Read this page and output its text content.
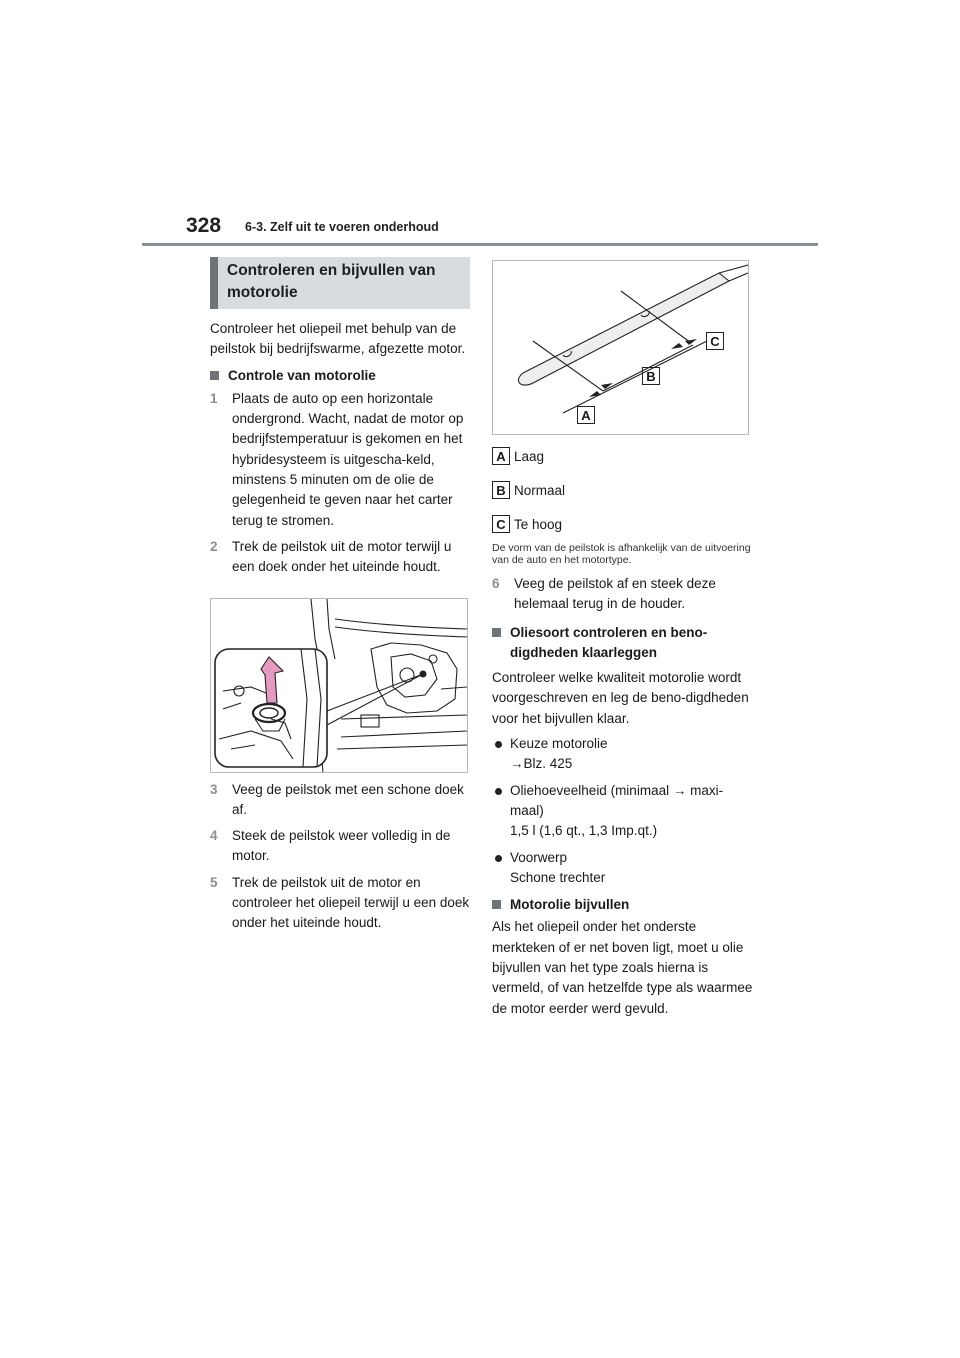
328 6-3. Zelf uit te voeren onderhoud
Controleren en bijvullen van motorolie

Controleer het oliepeil met behulp van de peilstok bij bedrijfswarme, afgezette motor.

Controle van motorolie
1 Plaats de auto op een horizontale ondergrond. Wacht, nadat de motor op bedrijfstemperatuur is gekomen en het hybridesysteem is uitgescha-keld, minstens 5 minuten om de olie de gelegenheid te geven naar het carter terug te stromen.
2 Trek de peilstok uit de motor terwijl u een doek onder het uiteinde houdt.
3 Veeg de peilstok met een schone doek af.
4 Steek de peilstok weer volledig in de motor.
5 Trek de peilstok uit de motor en controleer het oliepeil terwijl u een doek onder het uiteinde houdt.
C
B
A
A Laag
B Normaal
C Te hoog

De vorm van de peilstok is afhankelijk van de uitvoering van de auto en het motortype.

6 Veeg de peilstok af en steek deze helemaal terug in de houder.
Oliesoort controleren en beno-digdheden klaarleggen

Controleer welke kwaliteit motorolie wordt voorgeschreven en leg de beno-digdheden voor het bijvullen klaar.

Keuze motorolie
→Blz. 425
Oliehoeveelheid (minimaal → maxi-maal)
1,5 l (1,6 qt., 1,3 Imp.qt.)
Voorwerp
Schone trechter
Motorolie bijvullen

Als het oliepeil onder het onderste merkteken of er net boven ligt, moet u olie bijvullen van het type zoals hierna is vermeld, of van hetzelfde type als waarmee de motor eerder werd gevuld.
